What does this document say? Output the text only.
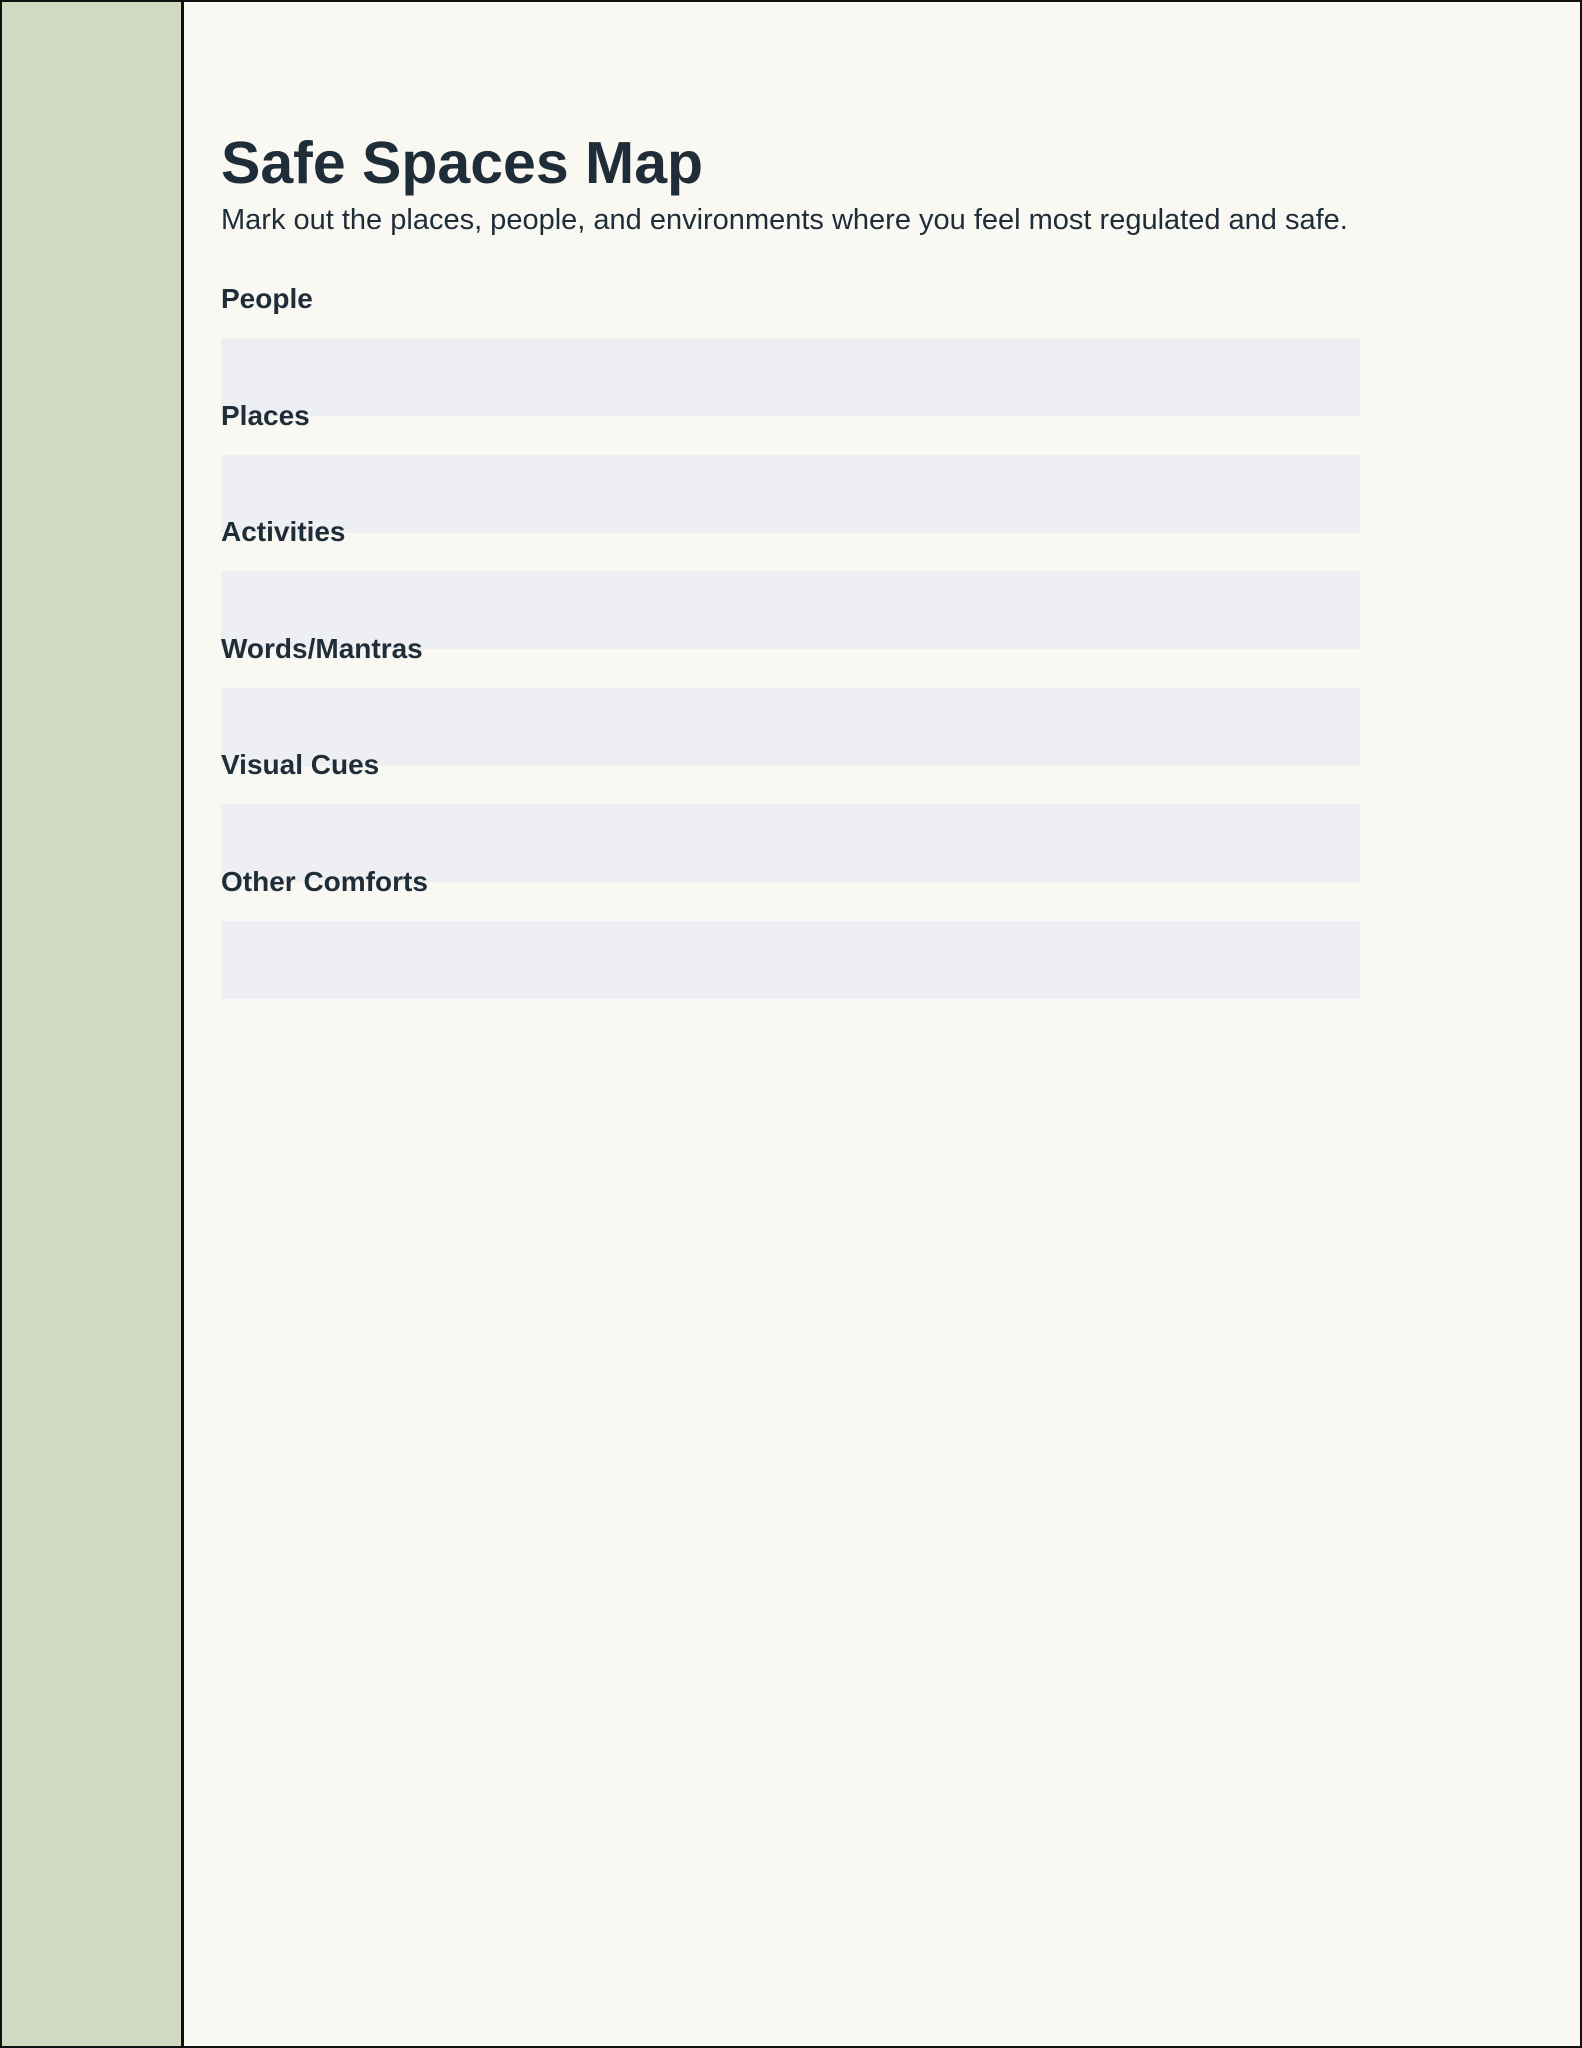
Safe Spaces Map

Mark out the places, people, and environments where you feel most regulated and safe.

People
Places
Activities
Words/Mantras
Visual Cues
Other Comforts
